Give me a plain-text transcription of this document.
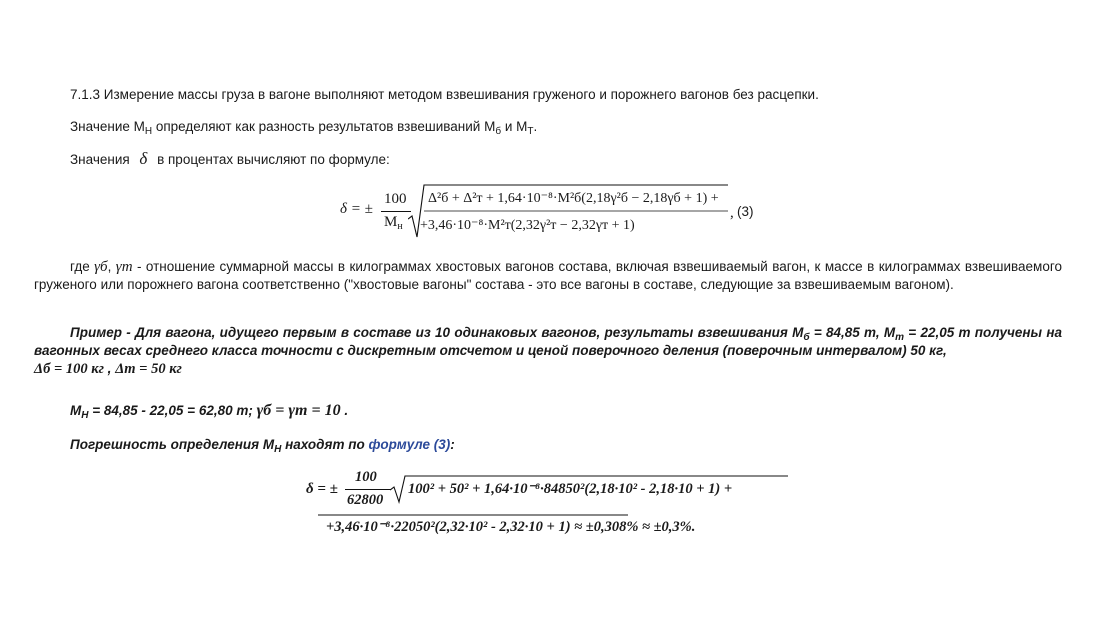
7.1.3 Измерение массы груза в вагоне выполняют методом взвешивания груженого и порожнего вагонов без расцепки.
Значение $М_Н$ определяют как разность результатов взвешиваний $М_б$ и $М_Т$.
Значения δ в процентах вычисляют по формуле:
δ = ±
100
$М_н$
Δ²б + Δ²т + 1,64·10⁻⁸·М²б(2,18γ²б − 2,18γб + 1) +
+3,46·10⁻⁸·М²т(2,32γ²т − 2,32γт + 1)
, (3)
где γб, γт - отношение суммарной массы в килограммах хвостовых вагонов состава, включая взвешиваемый вагон, к массе в килограммах взвешиваемого груженого или порожнего вагона соответственно ("хвостовые вагоны" состава - это все вагоны в составе, следующие за взвешиваемым вагоном).
Пример - Для вагона, идущего первым в составе из 10 одинаковых вагонов, результаты взвешивания $М_б = 84,85$ т, $М_m = 22,05$ т получены на вагонных весах среднего класса точности с дискретным отсчетом и ценой поверочного деления (поверочным интервалом) 50 кг,
Δб = 100 кг , Δт = 50 кг
$М_Н = 84,85 - 22,05 = 62,80$ т; γб = γт = 10 .
Погрешность определения $М_Н$ находят по формуле (3):
δ = ±
100
62800
100² + 50² + 1,64·10⁻⁸·84850²(2,18·10² - 2,18·10 + 1) +
+3,46·10⁻⁸·22050²(2,32·10² - 2,32·10 + 1) ≈ ±0,308% ≈ ±0,3%.
